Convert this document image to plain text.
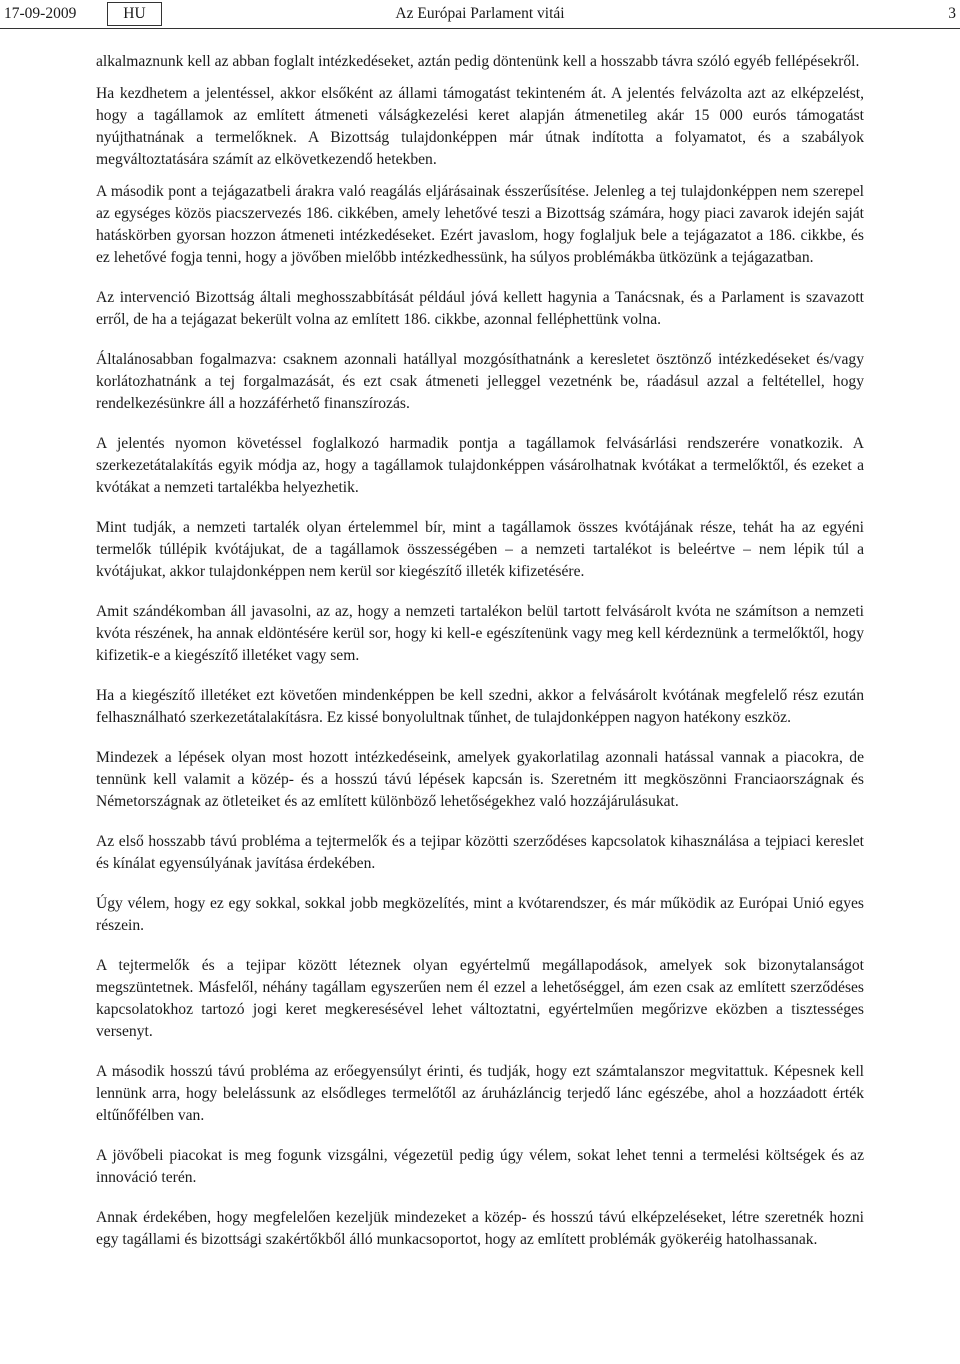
17-09-2009	HU	Az Európai Parlament vitái	3

alkalmaznunk kell az abban foglalt intézkedéseket, aztán pedig döntenünk kell a hosszabb távra szóló egyéb fellépésekről.

Ha kezdhetem a jelentéssel, akkor elsőként az állami támogatást tekinteném át. A jelentés felvázolta azt az elképzelést, hogy a tagállamok az említett átmeneti válságkezelési keret alapján átmenetileg akár 15 000 eurós támogatást nyújthatnának a termelőknek. A Bizottság tulajdonképpen már útnak indította a folyamatot, és a szabályok megváltoztatására számít az elkövetkezendő hetekben.

A második pont a tejágazatbeli árakra való reagálás eljárásainak ésszerűsítése. Jelenleg a tej tulajdonképpen nem szerepel az egységes közös piacszervezés 186. cikkében, amely lehetővé teszi a Bizottság számára, hogy piaci zavarok idején saját hatáskörben gyorsan hozzon átmeneti intézkedéseket. Ezért javaslom, hogy foglaljuk bele a tejágazatot a 186. cikkbe, és ez lehetővé fogja tenni, hogy a jövőben mielőbb intézkedhessünk, ha súlyos problémákba ütközünk a tejágazatban.

Az intervenció Bizottság általi meghosszabbítását például jóvá kellett hagynia a Tanácsnak, és a Parlament is szavazott erről, de ha a tejágazat bekerült volna az említett 186. cikkbe, azonnal felléphettünk volna.

Általánosabban fogalmazva: csaknem azonnali hatállyal mozgósíthatnánk a keresletet ösztönző intézkedéseket és/vagy korlátozhatnánk a tej forgalmazását, és ezt csak átmeneti jelleggel vezetnénk be, ráadásul azzal a feltétellel, hogy rendelkezésünkre áll a hozzáférhető finanszírozás.

A jelentés nyomon követéssel foglalkozó harmadik pontja a tagállamok felvásárlási rendszerére vonatkozik. A szerkezetátalakítás egyik módja az, hogy a tagállamok tulajdonképpen vásárolhatnak kvótákat a termelőktől, és ezeket a kvótákat a nemzeti tartalékba helyezhetik.

Mint tudják, a nemzeti tartalék olyan értelemmel bír, mint a tagállamok összes kvótájának része, tehát ha az egyéni termelők túllépik kvótájukat, de a tagállamok összességében – a nemzeti tartalékot is beleértve – nem lépik túl a kvótájukat, akkor tulajdonképpen nem kerül sor kiegészítő illeték kifizetésére.

Amit szándékomban áll javasolni, az az, hogy a nemzeti tartalékon belül tartott felvásárolt kvóta ne számítson a nemzeti kvóta részének, ha annak eldöntésére kerül sor, hogy ki kell-e egészítenünk vagy meg kell kérdeznünk a termelőktől, hogy kifizetik-e a kiegészítő illetéket vagy sem.

Ha a kiegészítő illetéket ezt követően mindenképpen be kell szedni, akkor a felvásárolt kvótának megfelelő rész ezután felhasználható szerkezetátalakításra. Ez kissé bonyolultnak tűnhet, de tulajdonképpen nagyon hatékony eszköz.

Mindezek a lépések olyan most hozott intézkedéseink, amelyek gyakorlatilag azonnali hatással vannak a piacokra, de tennünk kell valamit a közép- és a hosszú távú lépések kapcsán is. Szeretném itt megköszönni Franciaországnak és Németországnak az ötleteiket és az említett különböző lehetőségekhez való hozzájárulásukat.

Az első hosszabb távú probléma a tejtermelők és a tejipar közötti szerződéses kapcsolatok kihasználása a tejpiaci kereslet és kínálat egyensúlyának javítása érdekében.

Úgy vélem, hogy ez egy sokkal, sokkal jobb megközelítés, mint a kvótarendszer, és már működik az Európai Unió egyes részein.

A tejtermelők és a tejipar között léteznek olyan egyértelmű megállapodások, amelyek sok bizonytalanságot megszüntetnek. Másfelől, néhány tagállam egyszerűen nem él ezzel a lehetőséggel, ám ezen csak az említett szerződéses kapcsolatokhoz tartozó jogi keret megkeresésével lehet változtatni, egyértelműen megőrizve eközben a tisztességes versenyt.

A második hosszú távú probléma az erőegyensúlyt érinti, és tudják, hogy ezt számtalanszor megvitattuk. Képesnek kell lennünk arra, hogy belelássunk az elsődleges termelőtől az áruházláncig terjedő lánc egészébe, ahol a hozzáadott érték eltűnőfélben van.

A jövőbeli piacokat is meg fogunk vizsgálni, végezetül pedig úgy vélem, sokat lehet tenni a termelési költségek és az innováció terén.

Annak érdekében, hogy megfelelően kezeljük mindezeket a közép- és hosszú távú elképzeléseket, létre szeretnék hozni egy tagállami és bizottsági szakértőkből álló munkacsoportot, hogy az említett problémák gyökeréig hatolhassanak.
